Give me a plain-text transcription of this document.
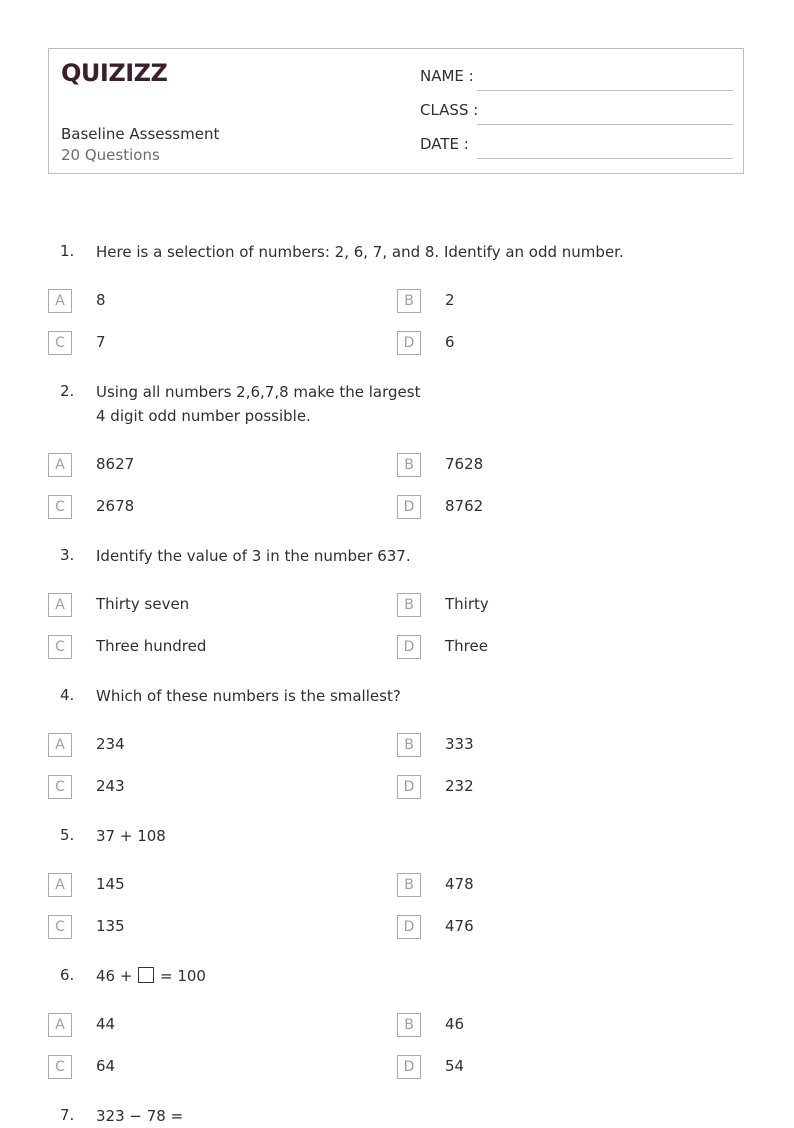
QUIZIZZ
Baseline Assessment
20 Questions
NAME :
CLASS :
DATE :
1. Here is a selection of numbers: 2, 6, 7, and 8. Identify an odd number.
A	8	B	2
C	7	D	6
2. Using all numbers 2,6,7,8 make the largest
4 digit odd number possible.
A	8627	B	7628
C	2678	D	8762
3. Identify the value of 3 in the number 637.
A	Thirty seven	B	Thirty
C	Three hundred	D	Three
4. Which of these numbers is the smallest?
A	234	B	333
C	243	D	232
5. 37 + 108
A	145	B	478
C	135	D	476
6. 46 + = 100
A	44	B	46
C	64	D	54
7. 323 − 78 =
